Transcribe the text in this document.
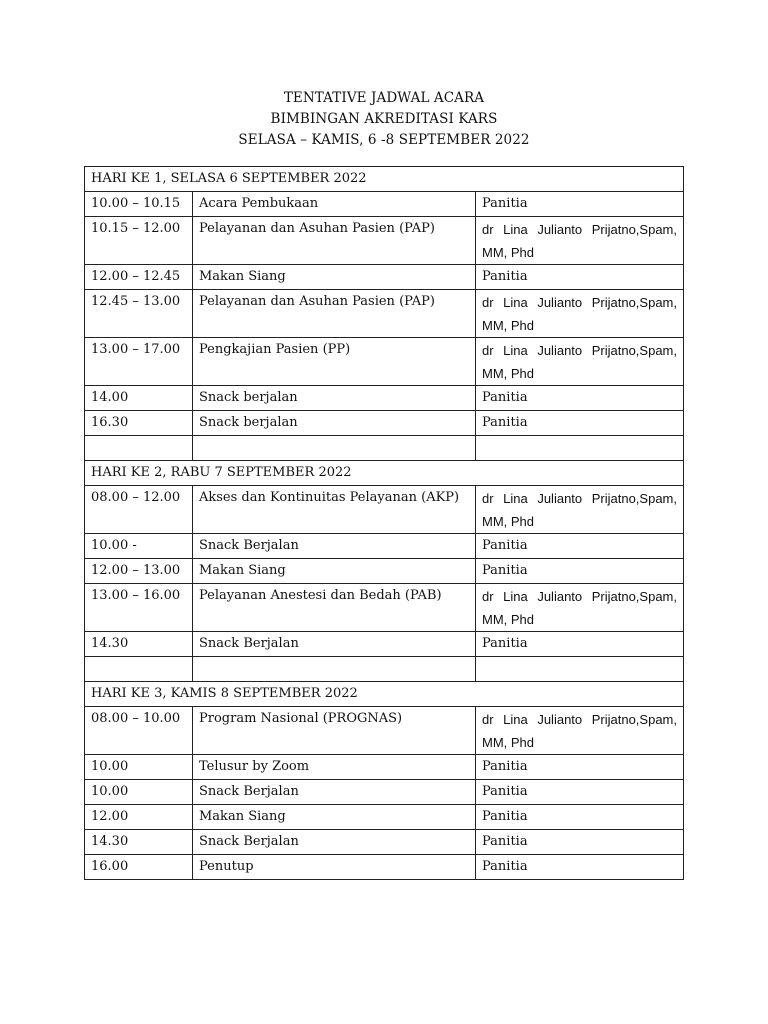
TENTATIVE JADWAL ACARA
BIMBINGAN AKREDITASI KARS
SELASA – KAMIS, 6 -8 SEPTEMBER 2022
HARI KE 1, SELASA 6 SEPTEMBER 2022		
10.00 – 10.15	Acara Pembukaan	Panitia
10.15 – 12.00	Pelayanan dan Asuhan Pasien (PAP)	dr Lina Julianto Prijatno,Spam, MM, Phd
12.00 – 12.45	Makan Siang	Panitia
12.45 – 13.00	Pelayanan dan Asuhan Pasien (PAP)	dr Lina Julianto Prijatno,Spam, MM, Phd
13.00 – 17.00	Pengkajian Pasien (PP)	dr Lina Julianto Prijatno,Spam, MM, Phd
14.00	Snack berjalan	Panitia
16.30	Snack berjalan	Panitia

HARI KE 2, RABU 7 SEPTEMBER 2022		
08.00 – 12.00	Akses dan Kontinuitas Pelayanan (AKP)	dr Lina Julianto Prijatno,Spam, MM, Phd
10.00 -	Snack Berjalan	Panitia
12.00 – 13.00	Makan Siang	Panitia
13.00 – 16.00	Pelayanan Anestesi dan Bedah (PAB)	dr Lina Julianto Prijatno,Spam, MM, Phd
14.30	Snack Berjalan	Panitia

HARI KE 3, KAMIS 8 SEPTEMBER 2022		
08.00 – 10.00	Program Nasional (PROGNAS)	dr Lina Julianto Prijatno,Spam, MM, Phd
10.00	Telusur by Zoom	Panitia
10.00	Snack Berjalan	Panitia
12.00	Makan Siang	Panitia
14.30	Snack Berjalan	Panitia
16.00	Penutup	Panitia
